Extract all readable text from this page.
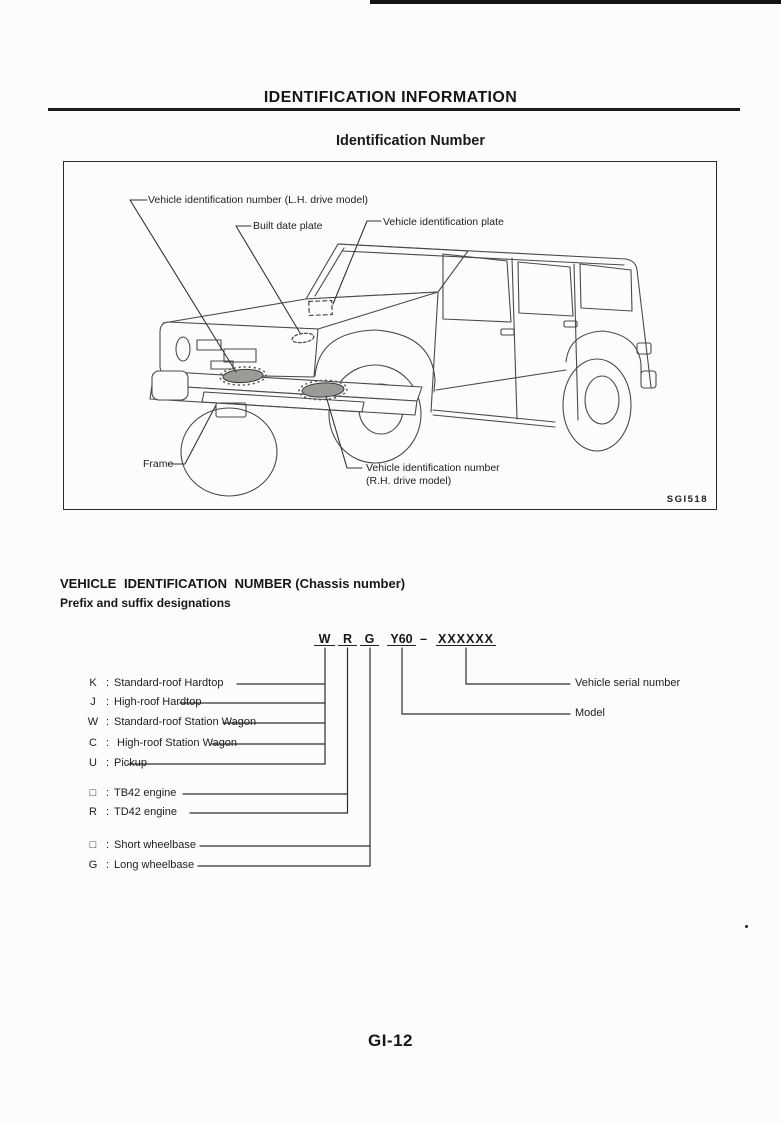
IDENTIFICATION INFORMATION
Identification Number
Vehicle identification number (L.H. drive model)
Built date plate	Vehicle identification plate
Frame	Vehicle identification number
(R.H. drive model)
SGI518
VEHICLE IDENTIFICATION NUMBER (Chassis number)
Prefix and suffix designations
W	R	G	Y60 – XXXXXX
K : Standard-roof Hardtop
J : High-roof Hardtop
W : Standard-roof Station Wagon
C : High-roof Station Wagon
U : Pickup
□ : TB42 engine
R : TD42 engine
□ : Short wheelbase
G : Long wheelbase
Vehicle serial number
Model
GI-12
